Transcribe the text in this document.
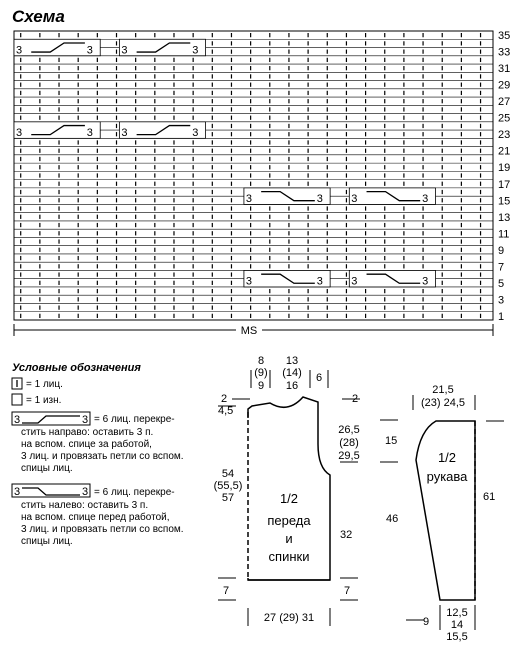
Схема
3	3	3	3
3	3	3	3
3	3	3	3
3	3	3	3
35
33
31
29
27
25
23
21
19
17
15
13
11
9
7
5
3
1
MS
Условные обозначения
= 1 лиц.
= 1 изн.
3	3 = 6 лиц. перекре-
стить направо: оставить 3 п.
на вспом. спице за работой,
3 лиц. и провязать петли со вспом.
спицы лиц.
3	3 = 6 лиц. перекре-
стить налево: оставить 3 п.
на вспом. спице перед работой,
3 лиц. и провязать петли со вспом.
спицы лиц.
1/2
переда
и
спинки
8
(9)
9
13
(14)
16
6
2
4,5
54
(55,5)
57
7
2
26,5
(28)
29,5
32
7
27 (29) 31
1/2
рукава
21,5
(23) 24,5
15
46
61
9
12,5
14
15,5
